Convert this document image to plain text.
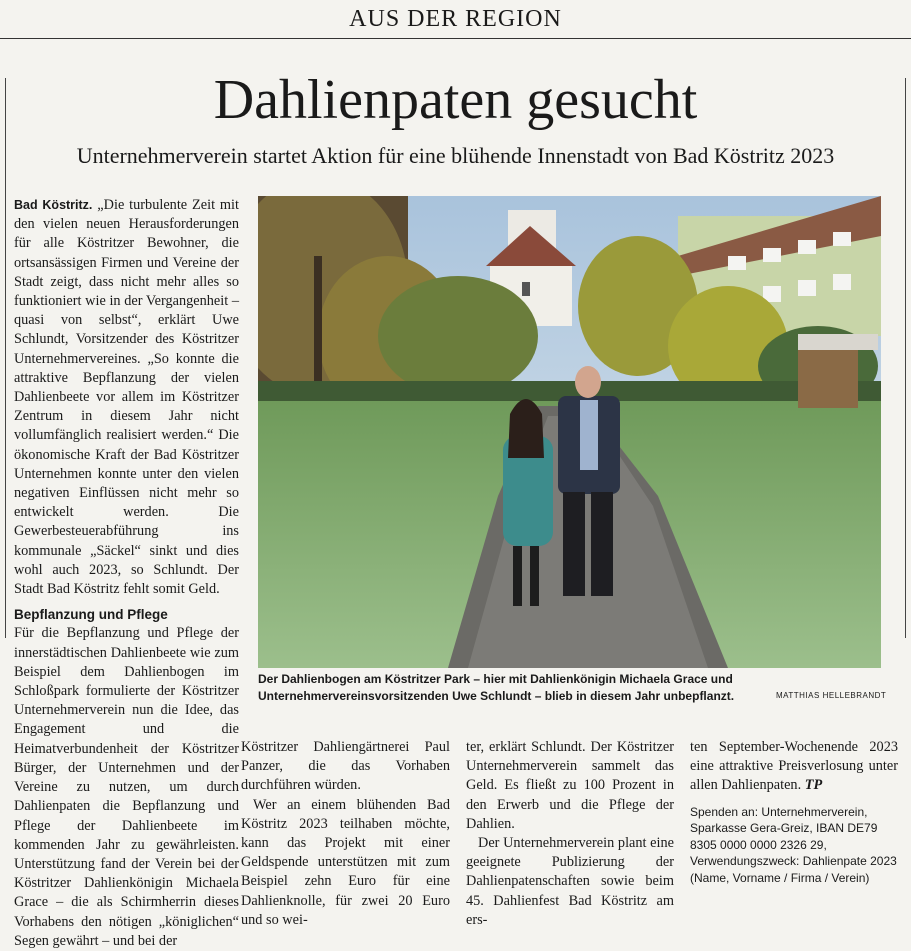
AUS DER REGION
Dahlienpaten gesucht
Unternehmerverein startet Aktion für eine blühende Innenstadt von Bad Köstritz 2023

Bad Köstritz. „Die turbulente Zeit mit den vielen neuen Herausforderungen für alle Köstritzer Bewohner, die ortsansässigen Firmen und Vereine der Stadt zeigt, dass nicht mehr alles so funktioniert wie in der Vergangenheit – quasi von selbst“, erklärt Uwe Schlundt, Vorsitzender des Köstritzer Unternehmervereines. „So konnte die attraktive Bepflanzung der vielen Dahlienbeete vor allem im Köstritzer Zentrum in diesem Jahr nicht vollumfänglich realisiert werden.“ Die ökonomische Kraft der Bad Köstritzer Unternehmen konnte unter den vielen negativen Einflüssen nicht mehr so entwickelt werden. Die Gewerbesteuerabführung ins kommunale „Säckel“ sinkt und dies wohl auch 2023, so Schlundt. Der Stadt Bad Köstritz fehlt somit Geld.

Bepflanzung und Pflege

Für die Bepflanzung und Pflege der innerstädtischen Dahlienbeete wie zum Beispiel dem Dahlienbogen im Schloßpark formulierte der Köstritzer Unternehmerverein nun die Idee, das Engagement und die Heimatverbundenheit der Köstritzer Bürger, der Unternehmen und der Vereine zu nutzen, um durch Dahlienpaten die Bepflanzung und Pflege der Dahlienbeete im kommenden Jahr zu gewährleisten. Unterstützung fand der Verein bei der Köstritzer Dahlienkönigin Michaela Grace – die als Schirmherrin dieses Vorhabens den nötigen „königlichen“ Segen gewährt – und bei der

Der Dahlienbogen am Köstritzer Park – hier mit Dahlienkönigin Michaela Grace und Unternehmervereinsvorsitzenden Uwe Schlundt – blieb in diesem Jahr unbepflanzt.	MATTHIAS HELLEBRANDT

Köstritzer Dahliengärtnerei Paul Panzer, die das Vorhaben durchführen würden.

Wer an einem blühenden Bad Köstritz 2023 teilhaben möchte, kann das Projekt mit einer Geldspende unterstützen mit zum Beispiel zehn Euro für eine Dahlienknolle, für zwei 20 Euro und so wei-

ter, erklärt Schlundt. Der Köstritzer Unternehmerverein sammelt das Geld. Es fließt zu 100 Prozent in den Erwerb und die Pflege der Dahlien.

Der Unternehmerverein plant eine geeignete Publizierung der Dahlienpatenschaften sowie beim 45. Dahlienfest Bad Köstritz am ers-

ten September-Wochenende 2023 eine attraktive Preisverlosung unter allen Dahlienpaten. TP

Spenden an: Unternehmerverein, Sparkasse Gera-Greiz, IBAN DE79 8305 0000 0000 2326 29, Verwendungszweck: Dahlienpate 2023 (Name, Vorname / Firma / Verein)
